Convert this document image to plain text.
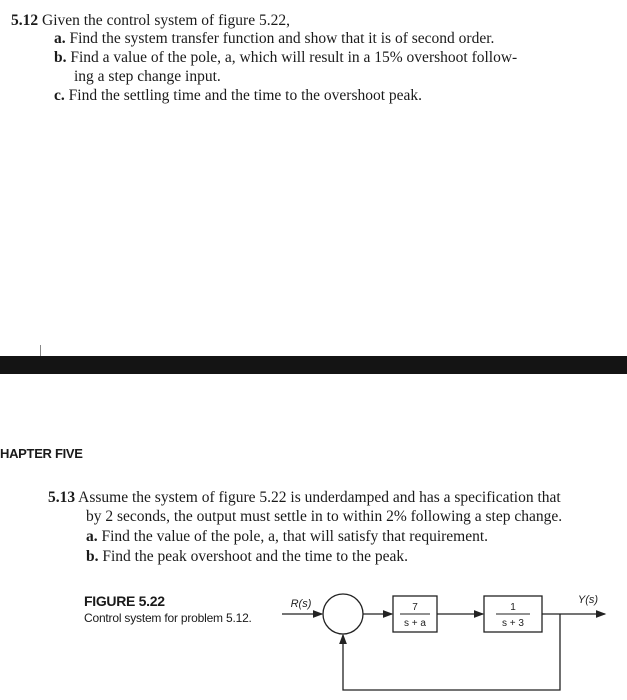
5.12 Given the control system of figure 5.22,
a. Find the system transfer function and show that it is of second order.
b. Find a value of the pole, a, which will result in a 15% overshoot follow-
ing a step change input.
c. Find the settling time and the time to the overshoot peak.
HAPTER FIVE
5.13 Assume the system of figure 5.22 is underdamped and has a specification that
by 2 seconds, the output must settle in to within 2% following a step change.
a. Find the value of the pole, a, that will satisfy that requirement.
b. Find the peak overshoot and the time to the peak.
FIGURE 5.22
Control system for problem 5.12.
R(s)	Y(s)
7
s + a
1
s + 3
